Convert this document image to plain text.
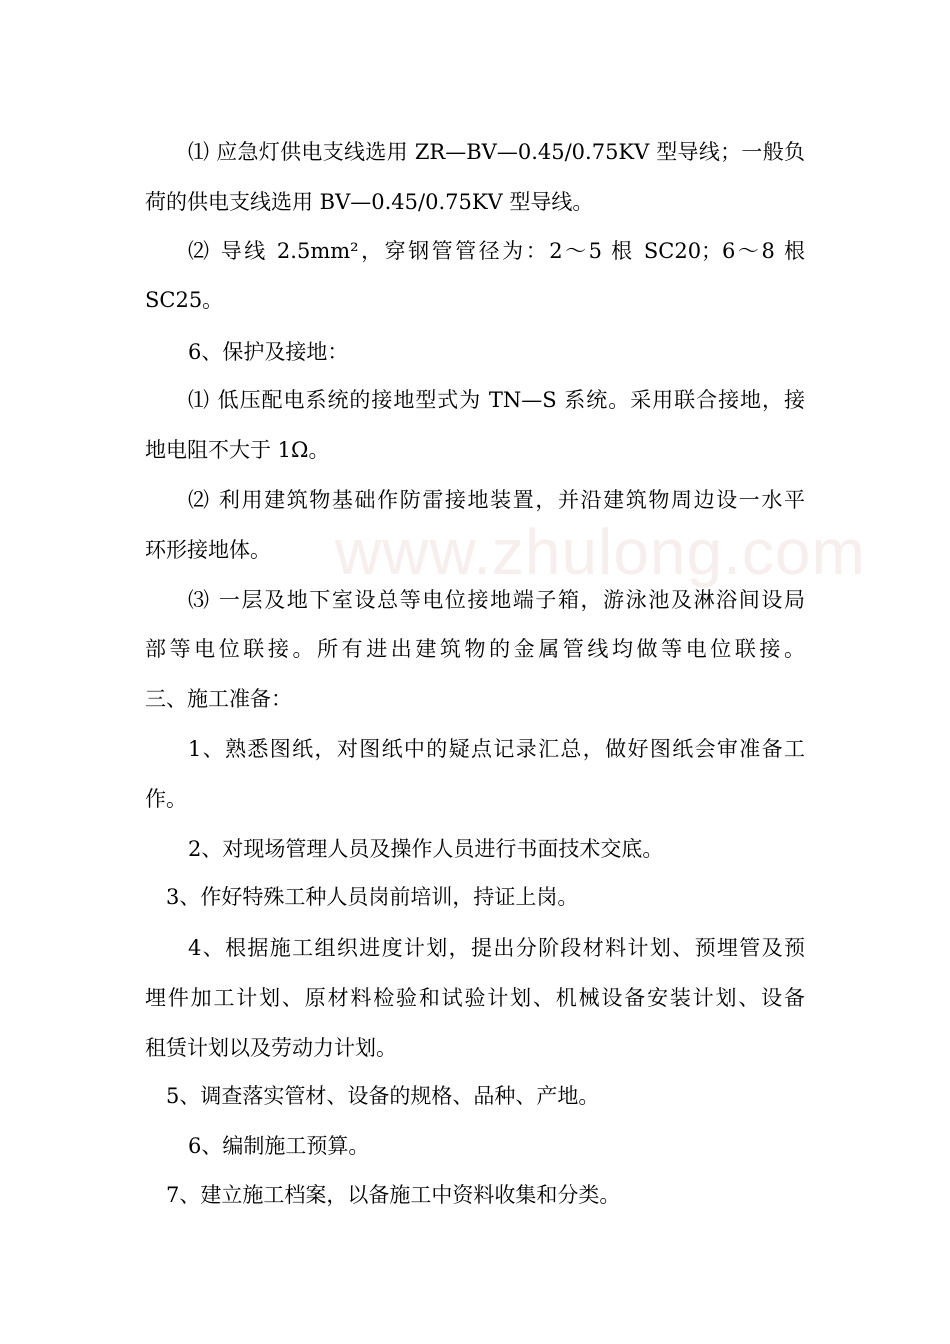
www.zhulong.com
⑴ 应急灯供电支线选用 ZR—BV—0.45/0.75KV 型导线；一般负
荷的供电支线选用 BV—0.45/0.75KV 型导线。
⑵ 导线 2.5mm²，穿钢管管径为：2～5 根 SC20；6～8 根
SC25。
6、保护及接地：
⑴ 低压配电系统的接地型式为 TN—S 系统。采用联合接地，接
地电阻不大于 1Ω。
⑵ 利用建筑物基础作防雷接地装置，并沿建筑物周边设一水平
环形接地体。
⑶ 一层及地下室设总等电位接地端子箱，游泳池及淋浴间设局
部等电位联接。所有进出建筑物的金属管线均做等电位联接。
三、施工准备：
1、熟悉图纸，对图纸中的疑点记录汇总，做好图纸会审准备工
作。
2、对现场管理人员及操作人员进行书面技术交底。
3、作好特殊工种人员岗前培训，持证上岗。
4、根据施工组织进度计划，提出分阶段材料计划、预埋管及预
埋件加工计划、原材料检验和试验计划、机械设备安装计划、设备
租赁计划以及劳动力计划。
5、调查落实管材、设备的规格、品种、产地。
6、编制施工预算。
7、建立施工档案，以备施工中资料收集和分类。
